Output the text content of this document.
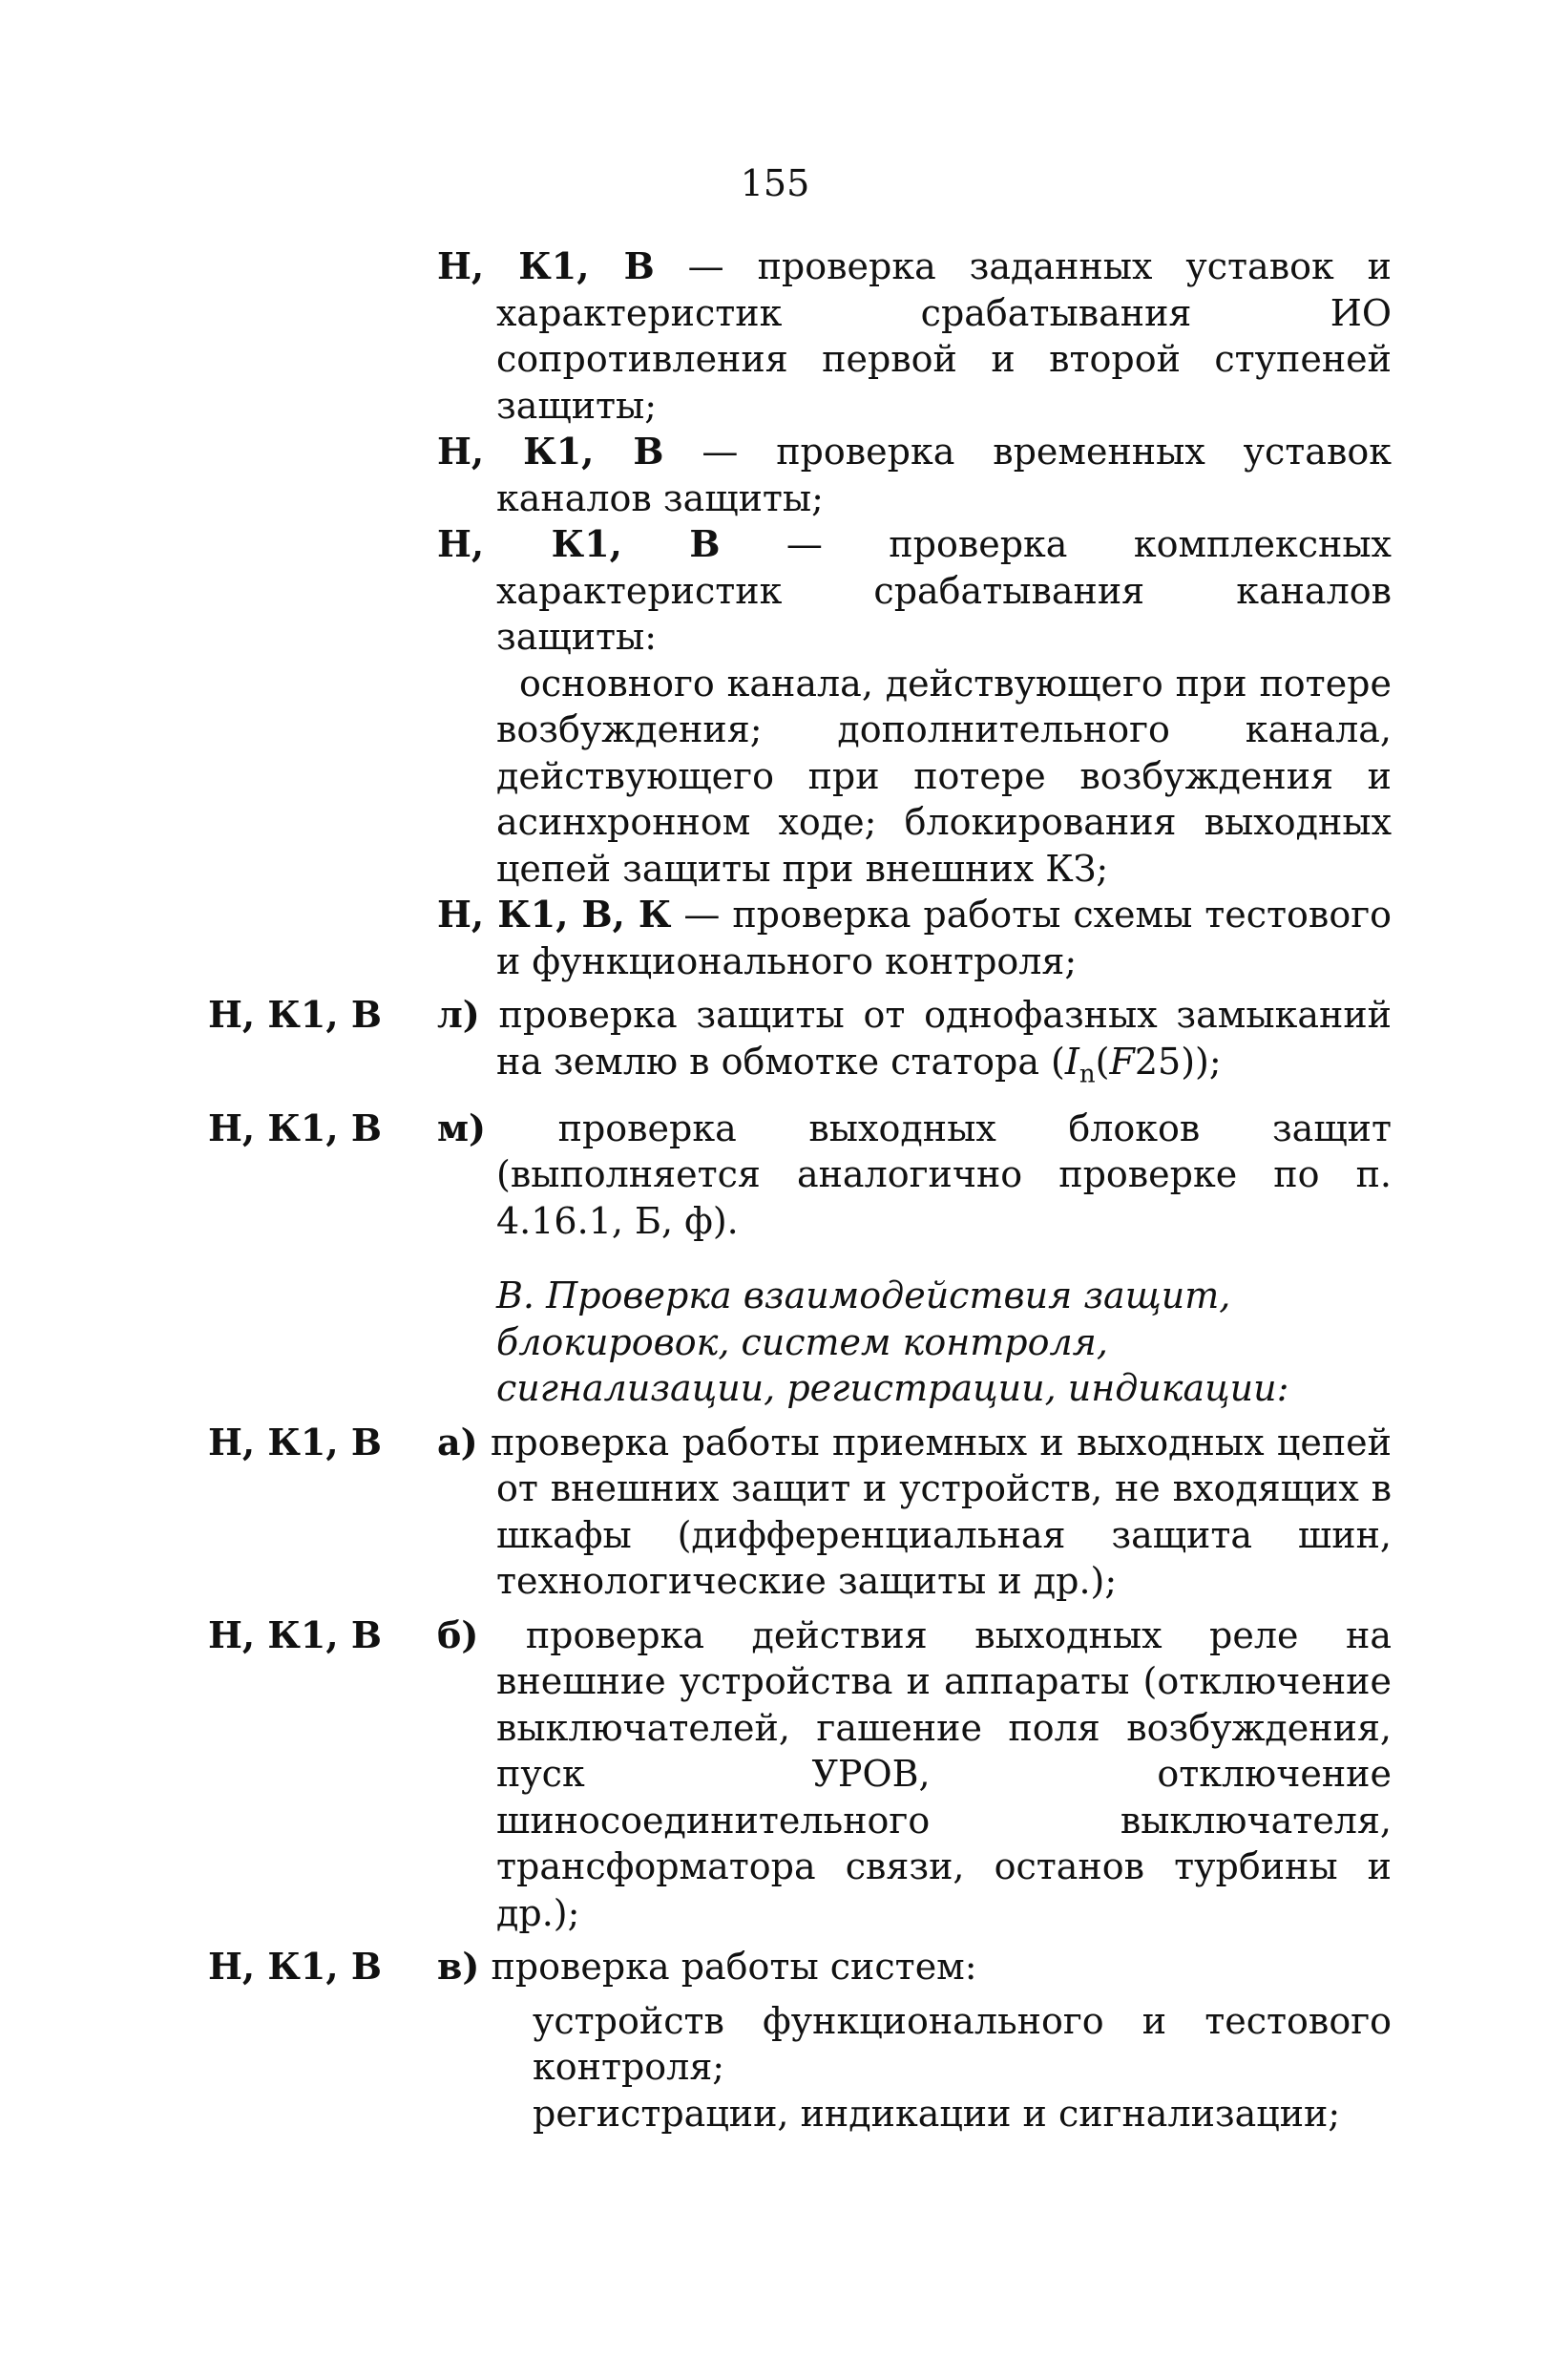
155

Н, К1, В — проверка заданных уставок и характеристик срабатывания ИО сопротивления первой и второй ступеней защиты;

Н, К1, В — проверка временных уставок каналов защиты;

Н, К1, В — проверка комплексных характеристик срабатывания каналов защиты:

основного канала, действующего при потере возбуждения; дополнительного канала, действующего при потере возбуждения и асинхронном ходе; блокирования выходных цепей защиты при внешних КЗ;

Н, К1, В, К — проверка работы схемы тестового и функционального контроля;

Н, К1, В	л) проверка защиты от однофазных замыканий на землю в обмотке статора $(I_n(F25))$;

Н, К1, В	м) проверка выходных блоков защит (выполняется аналогично проверке по п. 4.16.1, Б, ф).

В. Проверка взаимодействия защит, блокировок, систем контроля, сигнализации, регистрации, индикации:

Н, К1, В	а) проверка работы приемных и выходных цепей от внешних защит и устройств, не входящих в шкафы (дифференциальная защита шин, технологические защиты и др.);

Н, К1, В	б) проверка действия выходных реле на внешние устройства и аппараты (отключение выключателей, гашение поля возбуждения, пуск УРОВ, отключение шиносоединительного выключателя, трансформатора связи, останов турбины и др.);

Н, К1, В	в) проверка работы систем:

устройств функционального и тестового контроля;

регистрации, индикации и сигнализации;
